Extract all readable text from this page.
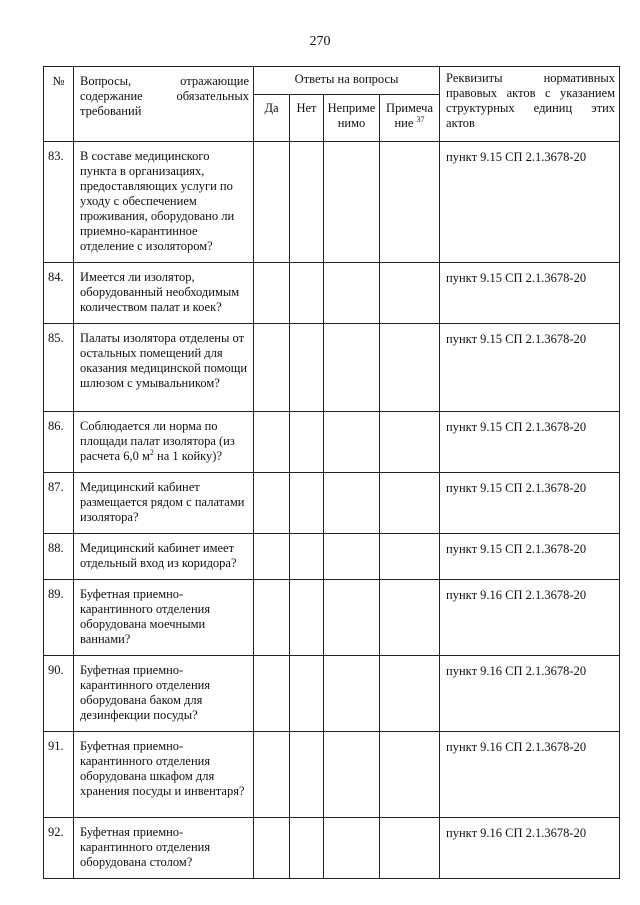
270
№	Вопросы, отражающие содержание обязательных требований	Ответы на вопросы				Реквизиты нормативных правовых актов с указанием структурных единиц этих актов
		Да	Нет	Неприме нимо	Примеча ние $^{37}$
83.	В составе медицинского пункта в организациях, предоставляющих услуги по уходу с обеспечением проживания, оборудовано ли приемно-карантинное отделение с изолятором?					пункт 9.15 СП 2.1.3678-20
84.	Имеется ли изолятор, оборудованный необходимым количеством палат и коек?					пункт 9.15 СП 2.1.3678-20
85.	Палаты изолятора отделены от остальных помещений для оказания медицинской помощи шлюзом с умывальником?					пункт 9.15 СП 2.1.3678-20
86.	Соблюдается ли норма по площади палат изолятора (из расчета 6,0 $м^2$ на 1 койку)?					пункт 9.15 СП 2.1.3678-20
87.	Медицинский кабинет размещается рядом с палатами изолятора?					пункт 9.15 СП 2.1.3678-20
88.	Медицинский кабинет имеет отдельный вход из коридора?					пункт 9.15 СП 2.1.3678-20
89.	Буфетная приемно-карантинного отделения оборудована моечными ваннами?					пункт 9.16 СП 2.1.3678-20
90.	Буфетная приемно-карантинного отделения оборудована баком для дезинфекции посуды?					пункт 9.16 СП 2.1.3678-20
91.	Буфетная приемно-карантинного отделения оборудована шкафом для хранения посуды и инвентаря?					пункт 9.16 СП 2.1.3678-20
92.	Буфетная приемно-карантинного отделения оборудована столом?					пункт 9.16 СП 2.1.3678-20
